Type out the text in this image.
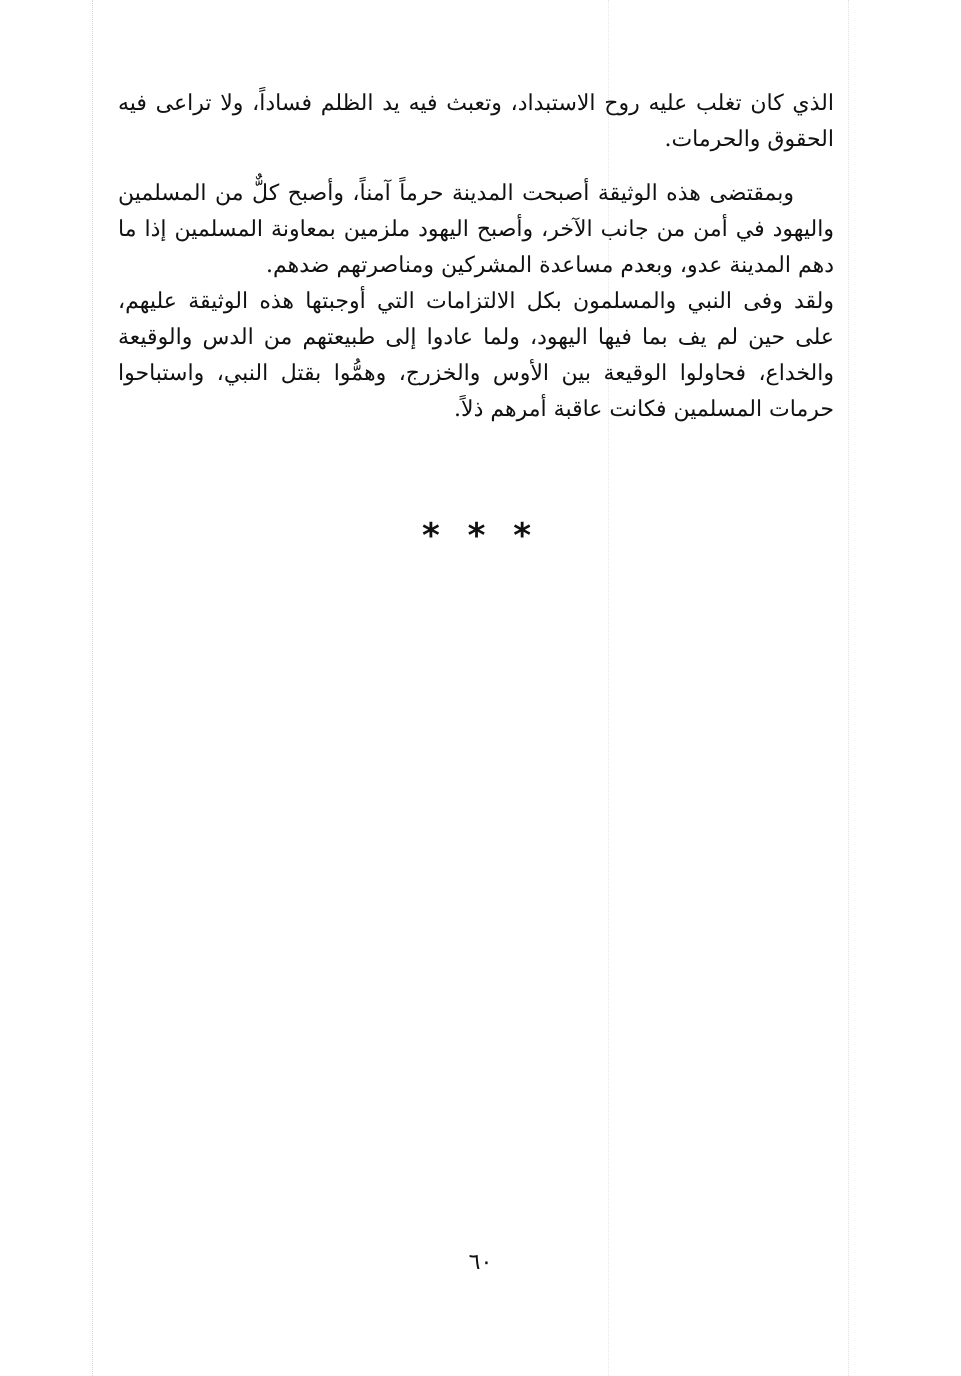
الذي كان تغلب عليه روح الاستبداد، وتعبث فيه يد الظلم فساداً، ولا تراعى فيه الحقوق والحرمات.

وبمقتضى هذه الوثيقة أصبحت المدينة حرماً آمناً، وأصبح كلٌّ من المسلمين واليهود في أمن من جانب الآخر، وأصبح اليهود ملزمين بمعاونة المسلمين إذا ما دهم المدينة عدو، وبعدم مساعدة المشركين ومناصرتهم ضدهم.

ولقد وفى النبي والمسلمون بكل الالتزامات التي أوجبتها هذه الوثيقة عليهم، على حين لم يف بما فيها اليهود، ولما عادوا إلى طبيعتهم من الدس والوقيعة والخداع، فحاولوا الوقيعة بين الأوس والخزرج، وهمُّوا بقتل النبي، واستباحوا حرمات المسلمين فكانت عاقبة أمرهم ذلاً.

* * *
٦٠
